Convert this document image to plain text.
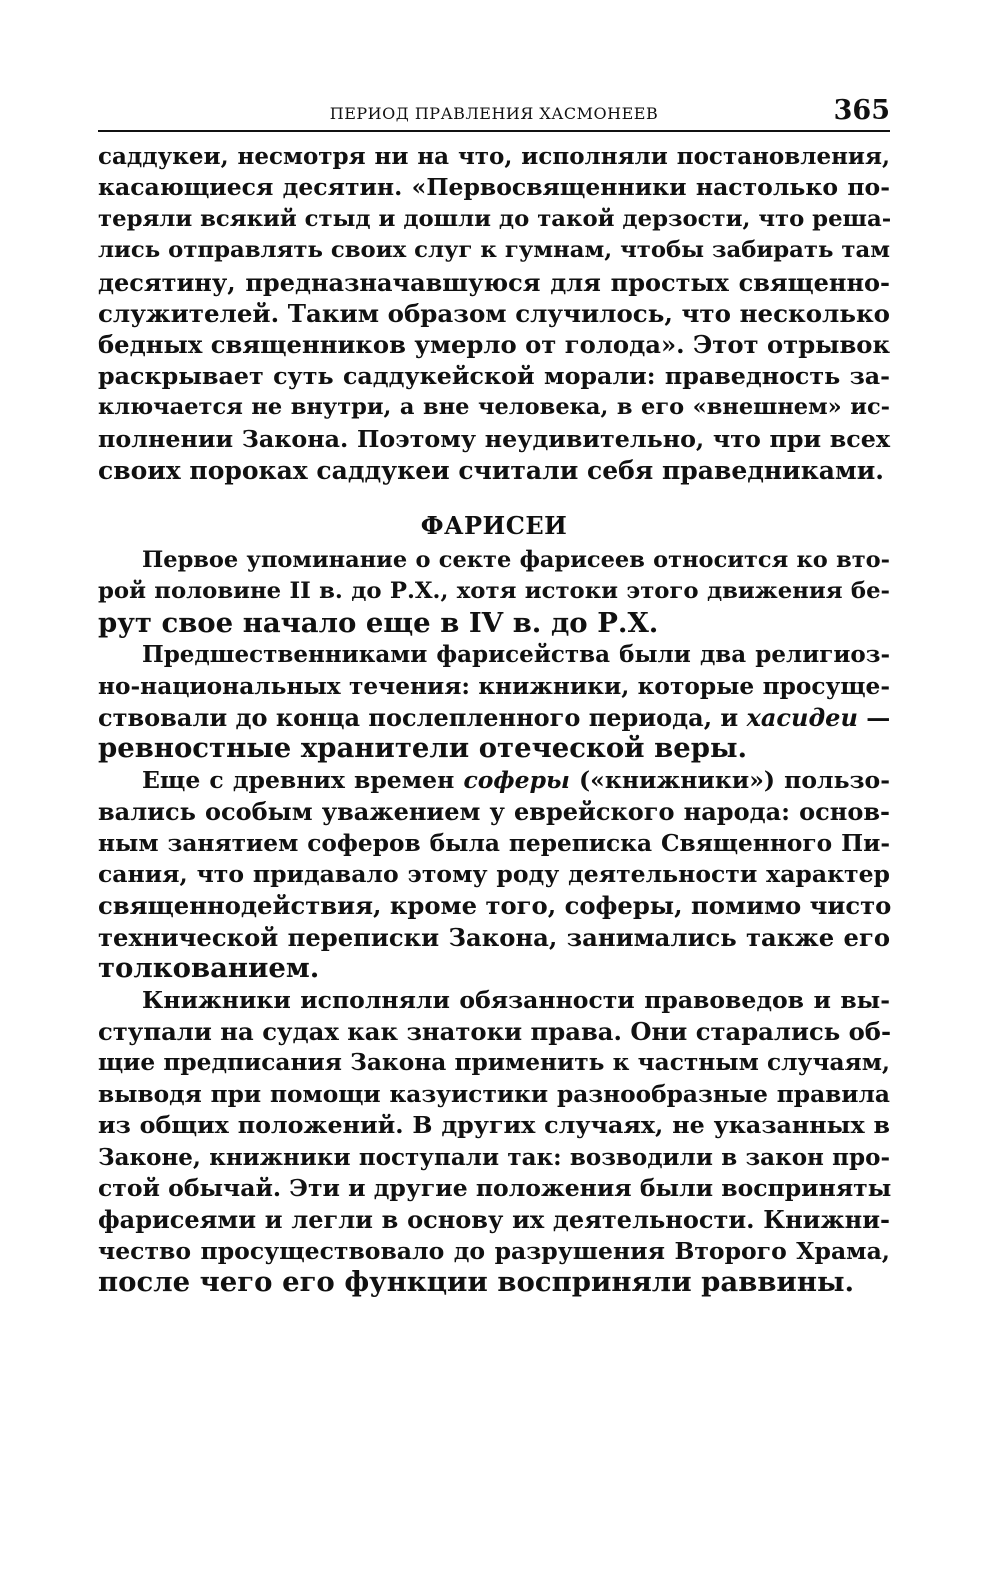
ПЕРИОД ПРАВЛЕНИЯ ХАСМОНЕЕВ	365

саддукеи, несмотря ни на что, исполняли постановления,
касающиеся десятин. «Первосвященники настолько по-
теряли всякий стыд и дошли до такой дерзости, что реша-
лись отправлять своих слуг к гумнам, чтобы забирать там
десятину, предназначавшуюся для простых священно-
служителей. Таким образом случилось, что несколько
бедных священников умерло от голода». Этот отрывок
раскрывает суть саддукейской морали: праведность за-
ключается не внутри, а вне человека, в его «внешнем» ис-
полнении Закона. Поэтому неудивительно, что при всех
своих пороках саддукеи считали себя праведниками.

ФАРИСЕИ

Первое упоминание о секте фарисеев относится ко вто-
рой половине II в. до Р.Х., хотя истоки этого движения бе-
рут свое начало еще в IV в. до Р.Х.

Предшественниками фарисейства были два религиоз-
но-национальных течения: книжники, которые просуще-
ствовали до конца послепленного периода, и хасидеи —
ревностные хранители отеческой веры.

Еще с древних времен соферы («книжники») пользо-
вались особым уважением у еврейского народа: основ-
ным занятием соферов была переписка Священного Пи-
сания, что придавало этому роду деятельности характер
священнодействия, кроме того, соферы, помимо чисто
технической переписки Закона, занимались также его
толкованием.

Книжники исполняли обязанности правоведов и вы-
ступали на судах как знатоки права. Они старались об-
щие предписания Закона применить к частным случаям,
выводя при помощи казуистики разнообразные правила
из общих положений. В других случаях, не указанных в
Законе, книжники поступали так: возводили в закон про-
стой обычай. Эти и другие положения были восприняты
фарисеями и легли в основу их деятельности. Книжни-
чество просуществовало до разрушения Второго Храма,
после чего его функции восприняли раввины.
